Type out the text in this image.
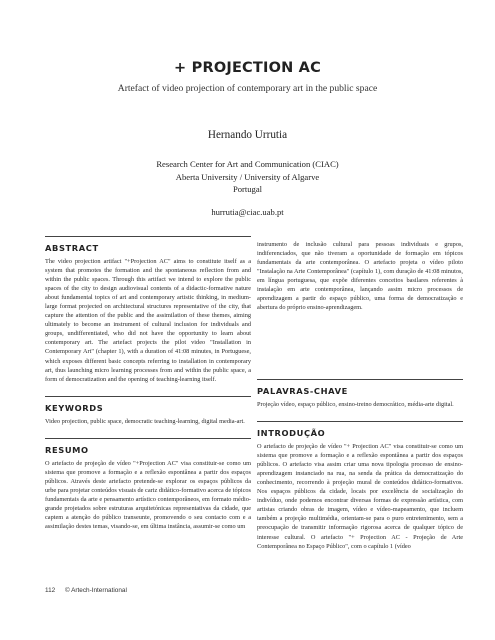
+ PROJECTION AC
Artefact of video projection of contemporary art in the public space
Hernando Urrutia
Research Center for Art and Communication (CIAC)
Aberta University / University of Algarve
Portugal
hurrutia@ciac.uab.pt
ABSTRACT

The video projection artifact "+Projection AC" aims to constitute itself as a system that promotes the formation and the spontaneous reflection from and within the public spaces. Through this artifact we intend to explore the public spaces of the city to design audiovisual contents of a didactic-formative nature about fundamental topics of art and contemporary artistic thinking, in medium-large format projected on architectural structures representative of the city, that capture the attention of the public and the assimilation of these themes, aiming ultimately to become an instrument of cultural inclusion for individuals and groups, undifferentiated, who did not have the opportunity to learn about contemporary art. The artefact projects the pilot video "Installation in Contemporary Art" (chapter 1), with a duration of 41:08 minutes, in Portuguese, which exposes different basic concepts referring to installation in contemporary art, thus launching micro learning processes from and within the public space, a form of democratization and the opening of teaching-learning itself.

KEYWORDS

Video projection, public space, democratic teaching-learning, digital media-art.

RESUMO

O artefacto de projeção de vídeo "+Projection AC" visa constituir-se como um sistema que promove a formação e a reflexão espontânea a partir dos espaços públicos. Através deste artefacto pretende-se explorar os espaços públicos da urbe para projetar conteúdos visuais de cariz didático-formativo acerca de tópicos fundamentais da arte e pensamento artístico contemporâneos, em formato médio-grande projetados sobre estruturas arquitetónicas representativas da cidade, que captem a atenção do público transeunte, promovendo o seu contacto com e a assimilação destes temas, visando-se, em última instância, assumir-se como um

instrumento de inclusão cultural para pessoas individuais e grupos, indiferenciados, que não tiveram a oportunidade de formação em tópicos fundamentais da arte contemporânea. O artefacto projeta o vídeo piloto "Instalação na Arte Contemporânea" (capítulo 1), com duração de 41:08 minutos, em língua portuguesa, que expõe diferentes conceitos basilares referentes à instalação em arte contemporânea, lançando assim micro processos de aprendizagem a partir do espaço público, uma forma de democratização e abertura do próprio ensino-aprendizagem.

PALAVRAS-CHAVE

Projeção vídeo, espaço público, ensino-treino democrático, média-arte digital.

INTRODUÇÃO

O artefacto de projeção de vídeo "+ Projection AC" visa constituir-se como um sistema que promove a formação e a reflexão espontânea a partir dos espaços públicos. O artefacto visa assim criar uma nova tipologia processo de ensino-aprendizagem instanciado na rua, na senda da prática da democratização do conhecimento, recorrendo à projeção mural de conteúdos didático-formativos. Nos espaços públicos da cidade, locais por excelência de socialização do indivíduo, onde podemos encontrar diversas formas de expressão artística, com artistas criando obras de imagem, vídeo e vídeo-mapeamento, que incluem também a projeção multimédia, orientam-se para o puro entretenimento, sem a preocupação de transmitir informação rigorosa acerca de qualquer tópico de interesse cultural. O artefacto "+ Projection AC - Projeção de Arte Contemporânea no Espaço Público", com o capítulo 1 (vídeo

112 © Artech-International
